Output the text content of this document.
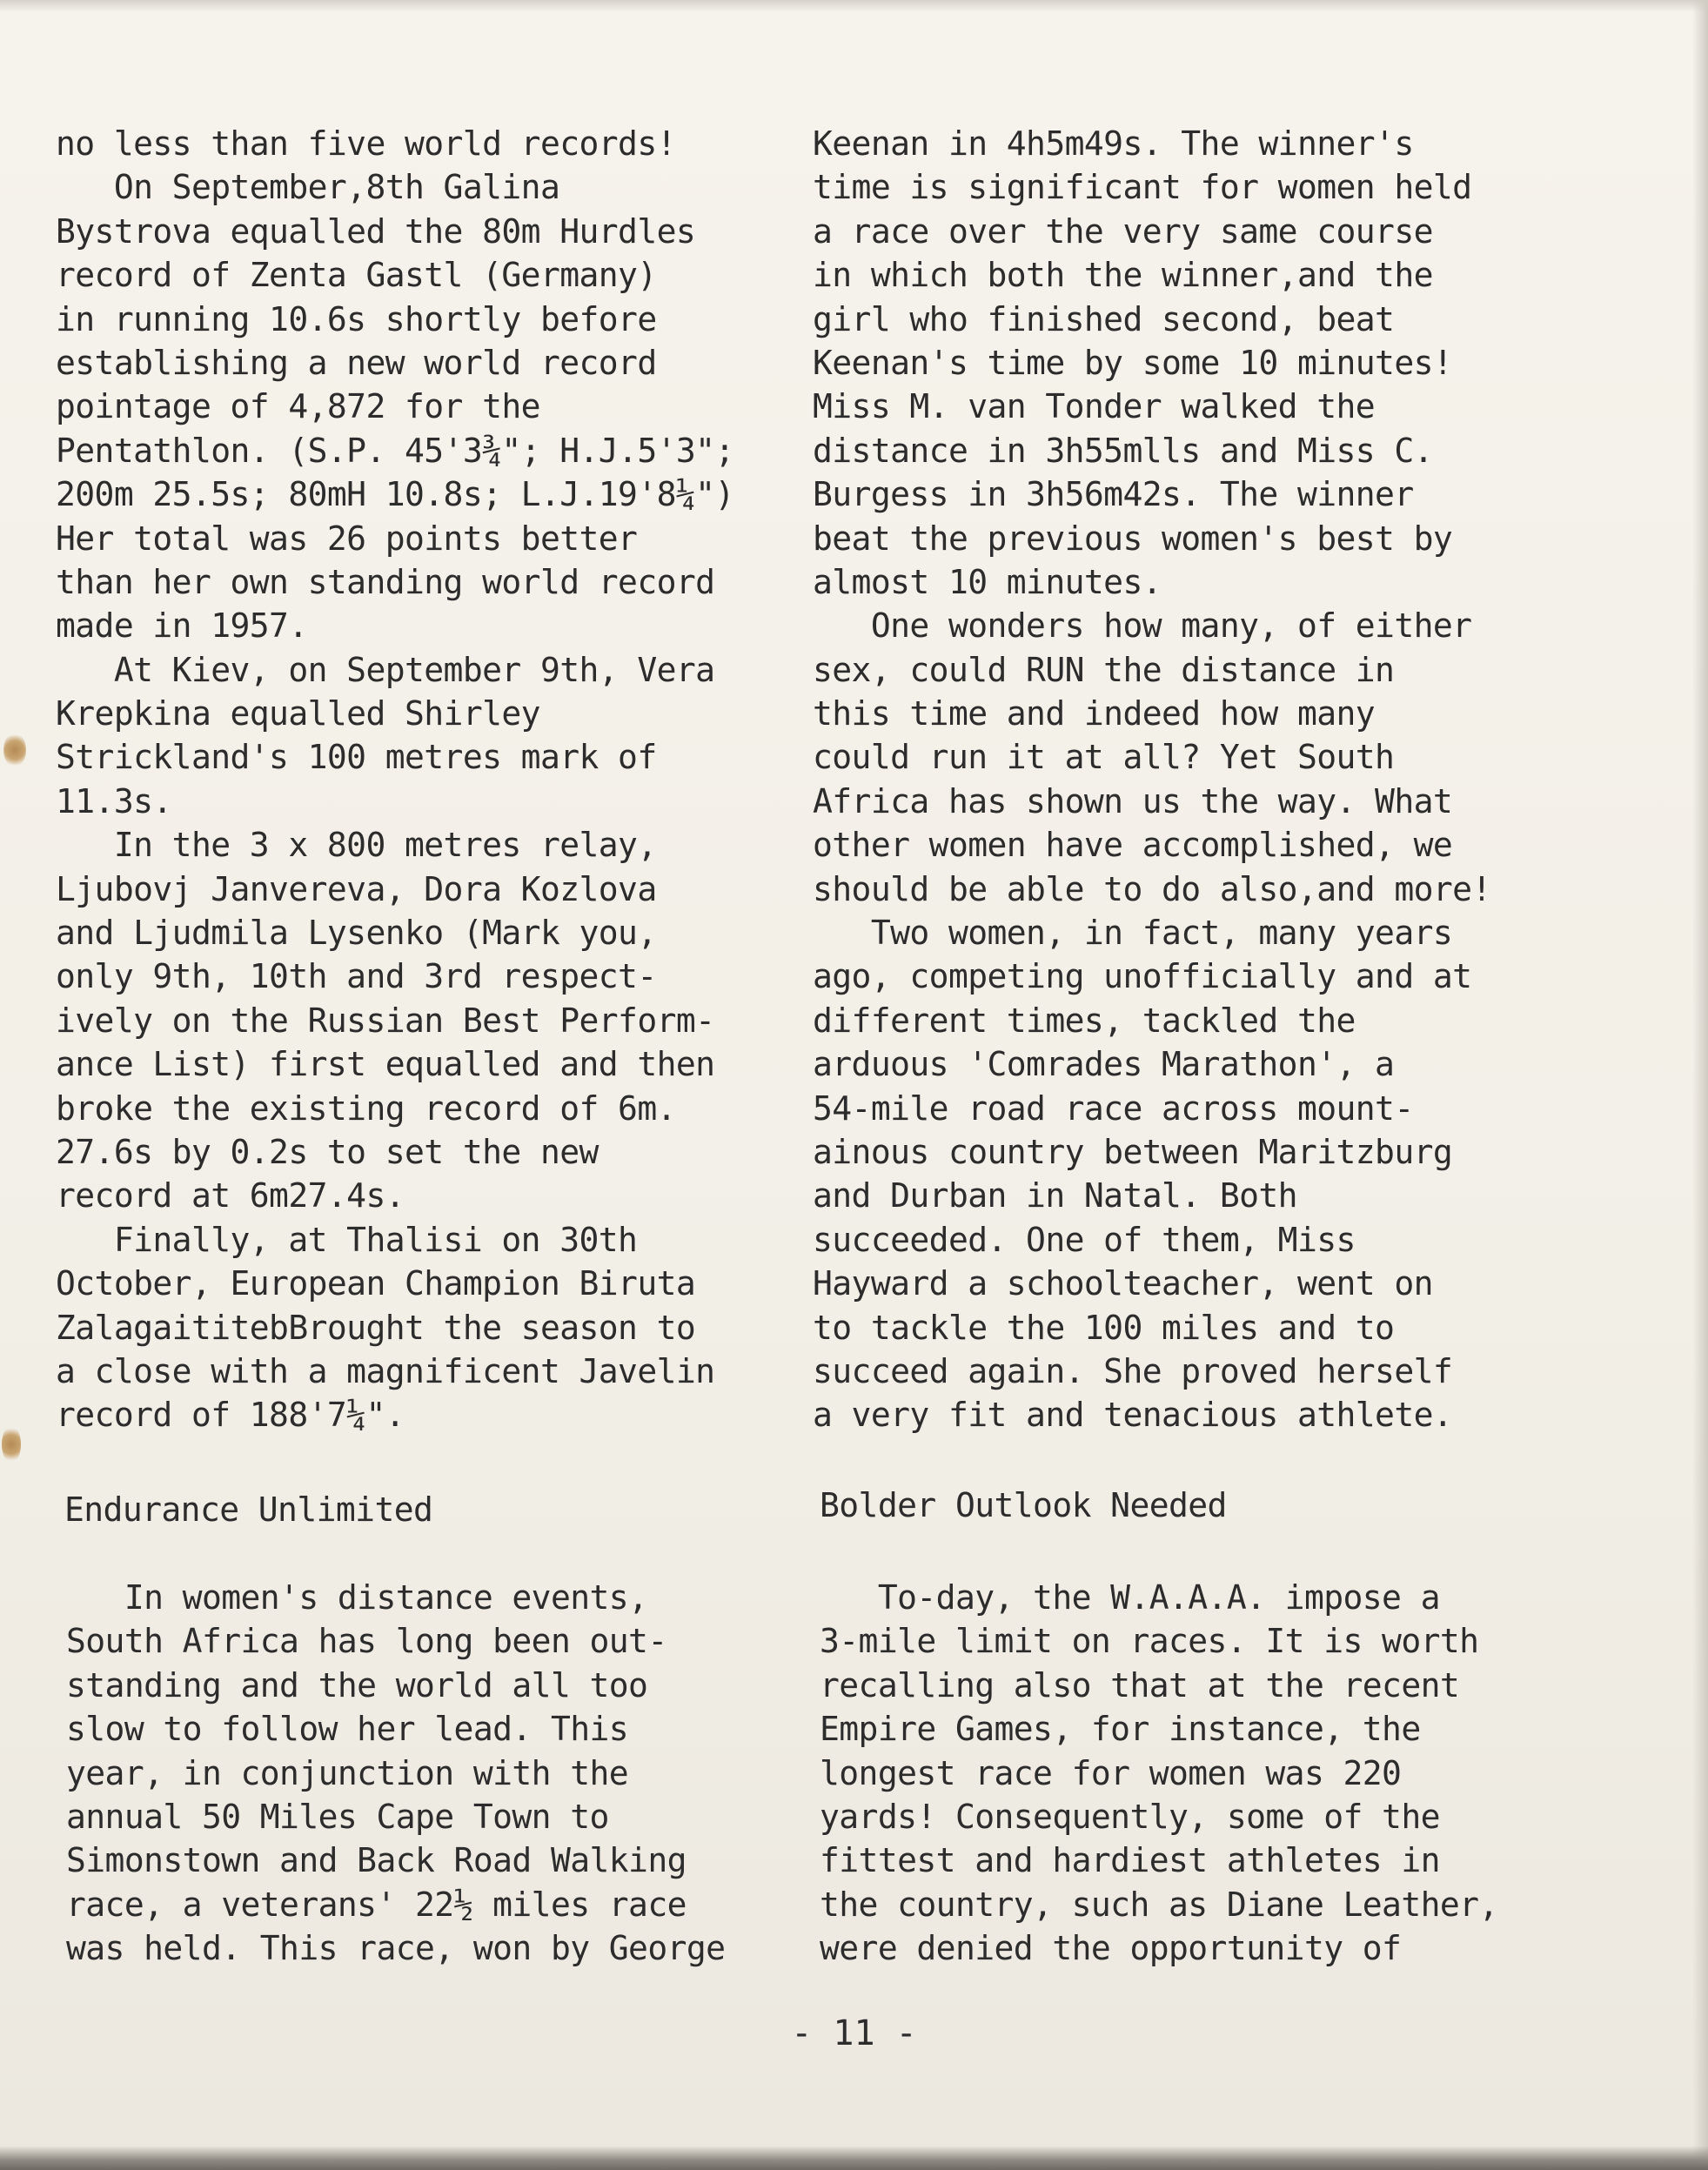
no less than five world records!
On September,8th Galina
Bystrova equalled the 80m Hurdles
record of Zenta Gastl (Germany)
in running 10.6s shortly before
establishing a new world record
pointage of 4,872 for the
Pentathlon. (S.P. 45'3¾"; H.J.5'3";
200m 25.5s; 80mH 10.8s; L.J.19'8¼")
Her total was 26 points better
than her own standing world record
made in 1957.
At Kiev, on September 9th, Vera
Krepkina equalled Shirley
Strickland's 100 metres mark of
11.3s.
In the 3 x 800 metres relay,
Ljubovj Janvereva, Dora Kozlova
and Ljudmila Lysenko (Mark you,
only 9th, 10th and 3rd respect-
ively on the Russian Best Perform-
ance List) first equalled and then
broke the existing record of 6m.
27.6s by 0.2s to set the new
record at 6m27.4s.
Finally, at Thalisi on 30th
October, European Champion Biruta
ZalagaititebBrought the season to
a close with a magnificent Javelin
record of 188'7¼".
Keenan in 4h5m49s. The winner's
time is significant for women held
a race over the very same course
in which both the winner,and the
girl who finished second, beat
Keenan's time by some 10 minutes!
Miss M. van Tonder walked the
distance in 3h55mlls and Miss C.
Burgess in 3h56m42s. The winner
beat the previous women's best by
almost 10 minutes.
One wonders how many, of either
sex, could RUN the distance in
this time and indeed how many
could run it at all? Yet South
Africa has shown us the way. What
other women have accomplished, we
should be able to do also,and more!
Two women, in fact, many years
ago, competing unofficially and at
different times, tackled the
arduous 'Comrades Marathon', a
54-mile road race across mount-
ainous country between Maritzburg
and Durban in Natal. Both
succeeded. One of them, Miss
Hayward a schoolteacher, went on
to tackle the 100 miles and to
succeed again. She proved herself
a very fit and tenacious athlete.
Endurance Unlimited	Bolder Outlook Needed
In women's distance events,
South Africa has long been out-
standing and the world all too
slow to follow her lead. This
year, in conjunction with the
annual 50 Miles Cape Town to
Simonstown and Back Road Walking
race, a veterans' 22½ miles race
was held. This race, won by George
To-day, the W.A.A.A. impose a
3-mile limit on races. It is worth
recalling also that at the recent
Empire Games, for instance, the
longest race for women was 220
yards! Consequently, some of the
fittest and hardiest athletes in
the country, such as Diane Leather,
were denied the opportunity of
- 11 -
